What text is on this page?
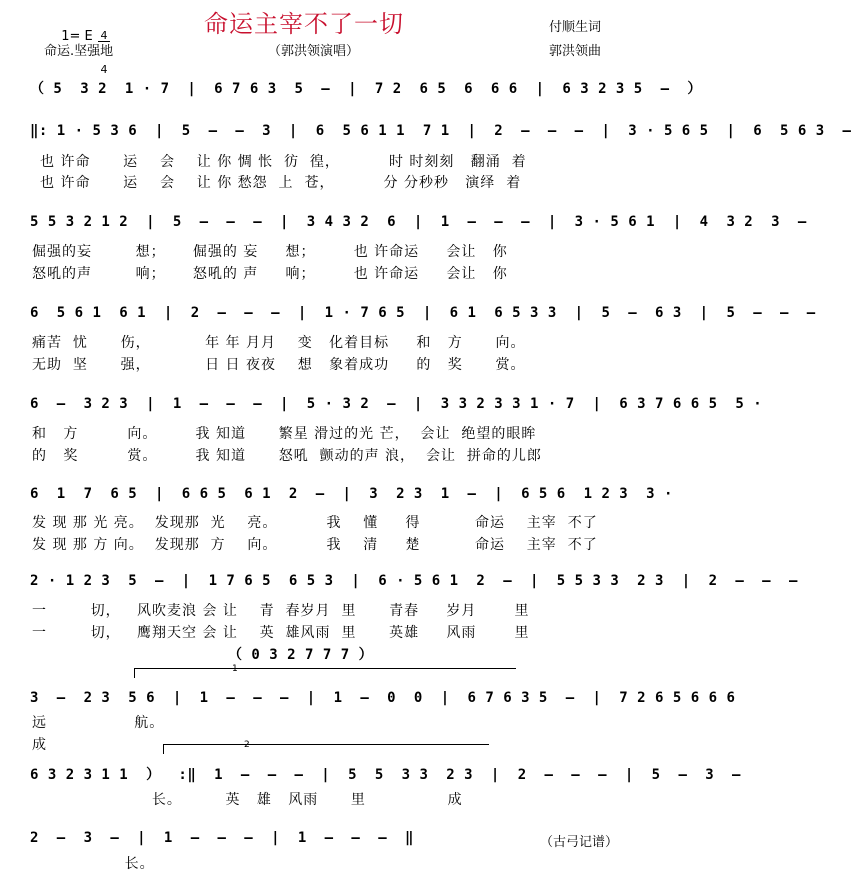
1= E

4

4

命运主宰不了一切	付顺生词
命运.坚强地	（郭洪领演唱）	郭洪领曲
（ 5  3 2  1 · 7  |  6 7 6 3  5  –  |  7 2  6 5  6  6 6  |  6 3 2 3 5  –  ）
‖: 1 · 5 3 6  |  5  –  –  3  |  6  5 6 1 1  7 1  |  2  –  –  –  |  3 · 5 6 5  |  6  5 6 3  –
也 许命      运    会    让 你 惆 怅  彷  徨，         时 时刻刻   翻涌  着
也 许命      运    会    让 你 愁怨  上  苍，         分 分秒秒   演绎  着
5 5 3 2 1 2  |  5  –  –  –  |  3 4 3 2  6  |  1  –  –  –  |  3 · 5 6 1  |  4  3 2  3  –
倔强的妄        想；     倔强的 妄     想；       也 许命运     会让   你
怒吼的声        响；     怒吼的 声     响；       也 许命运     会让   你
6  5 6 1  6 1  |  2  –  –  –  |  1 · 7 6 5  |  6 1  6 5 3 3  |  5  –  6 3  |  5  –  –  –
痛苦  忧      伤，          年 年 月月    变   化着目标     和   方      向。
无助  坚      强，          日 日 夜夜    想   象着成功     的   奖      赏。
6  –  3 2 3  |  1  –  –  –  |  5 · 3 2  –  |  3 3 2 3 3 1 · 7  |  6 3 7 6 6 5  5 ·
和   方         向。       我 知道      繁星 滑过的光 芒，  会让  绝望的眼眸
的   奖         赏。       我 知道      怒吼  颤动的声 浪，  会让  拼命的儿郎
6  1  7  6 5  |  6 6 5  6 1  2  –  |  3  2 3  1  –  |  6 5 6  1 2 3  3 ·
发 现 那 光 亮。  发现那  光    亮。         我    懂     得          命运    主宰  不了
发 现 那 方 向。  发现那  方    向。         我    清     楚          命运    主宰  不了
2 · 1 2 3  5  –  |  1 7 6 5  6 5 3  |  6 · 5 6 1  2  –  |  5 5 3 3  2 3  |  2  –  –  –
一        切，   风吹麦浪 会 让    青  春岁月  里      青春     岁月       里
一        切，   鹰翔天空 会 让    英  雄风雨  里      英雄     风雨       里
（ 0 3 2 7 7 7 ）
1
3  –  2 3  5 6  |  1  –  –  –  |  1  –  0  0  |  6 7 6 3 5  –  |  7 2 6 5 6 6 6
远                航。
成	2
6 3 2 3 1 1  ）  :‖  1  –  –  –  |  5  5  3 3  2 3  |  2  –  –  –  |  5  –  3  –
长。        英   雄   风雨      里               成
2  –  3  –  |  1  –  –  –  |  1  –  –  –  ‖
长。
（古弓记谱）
